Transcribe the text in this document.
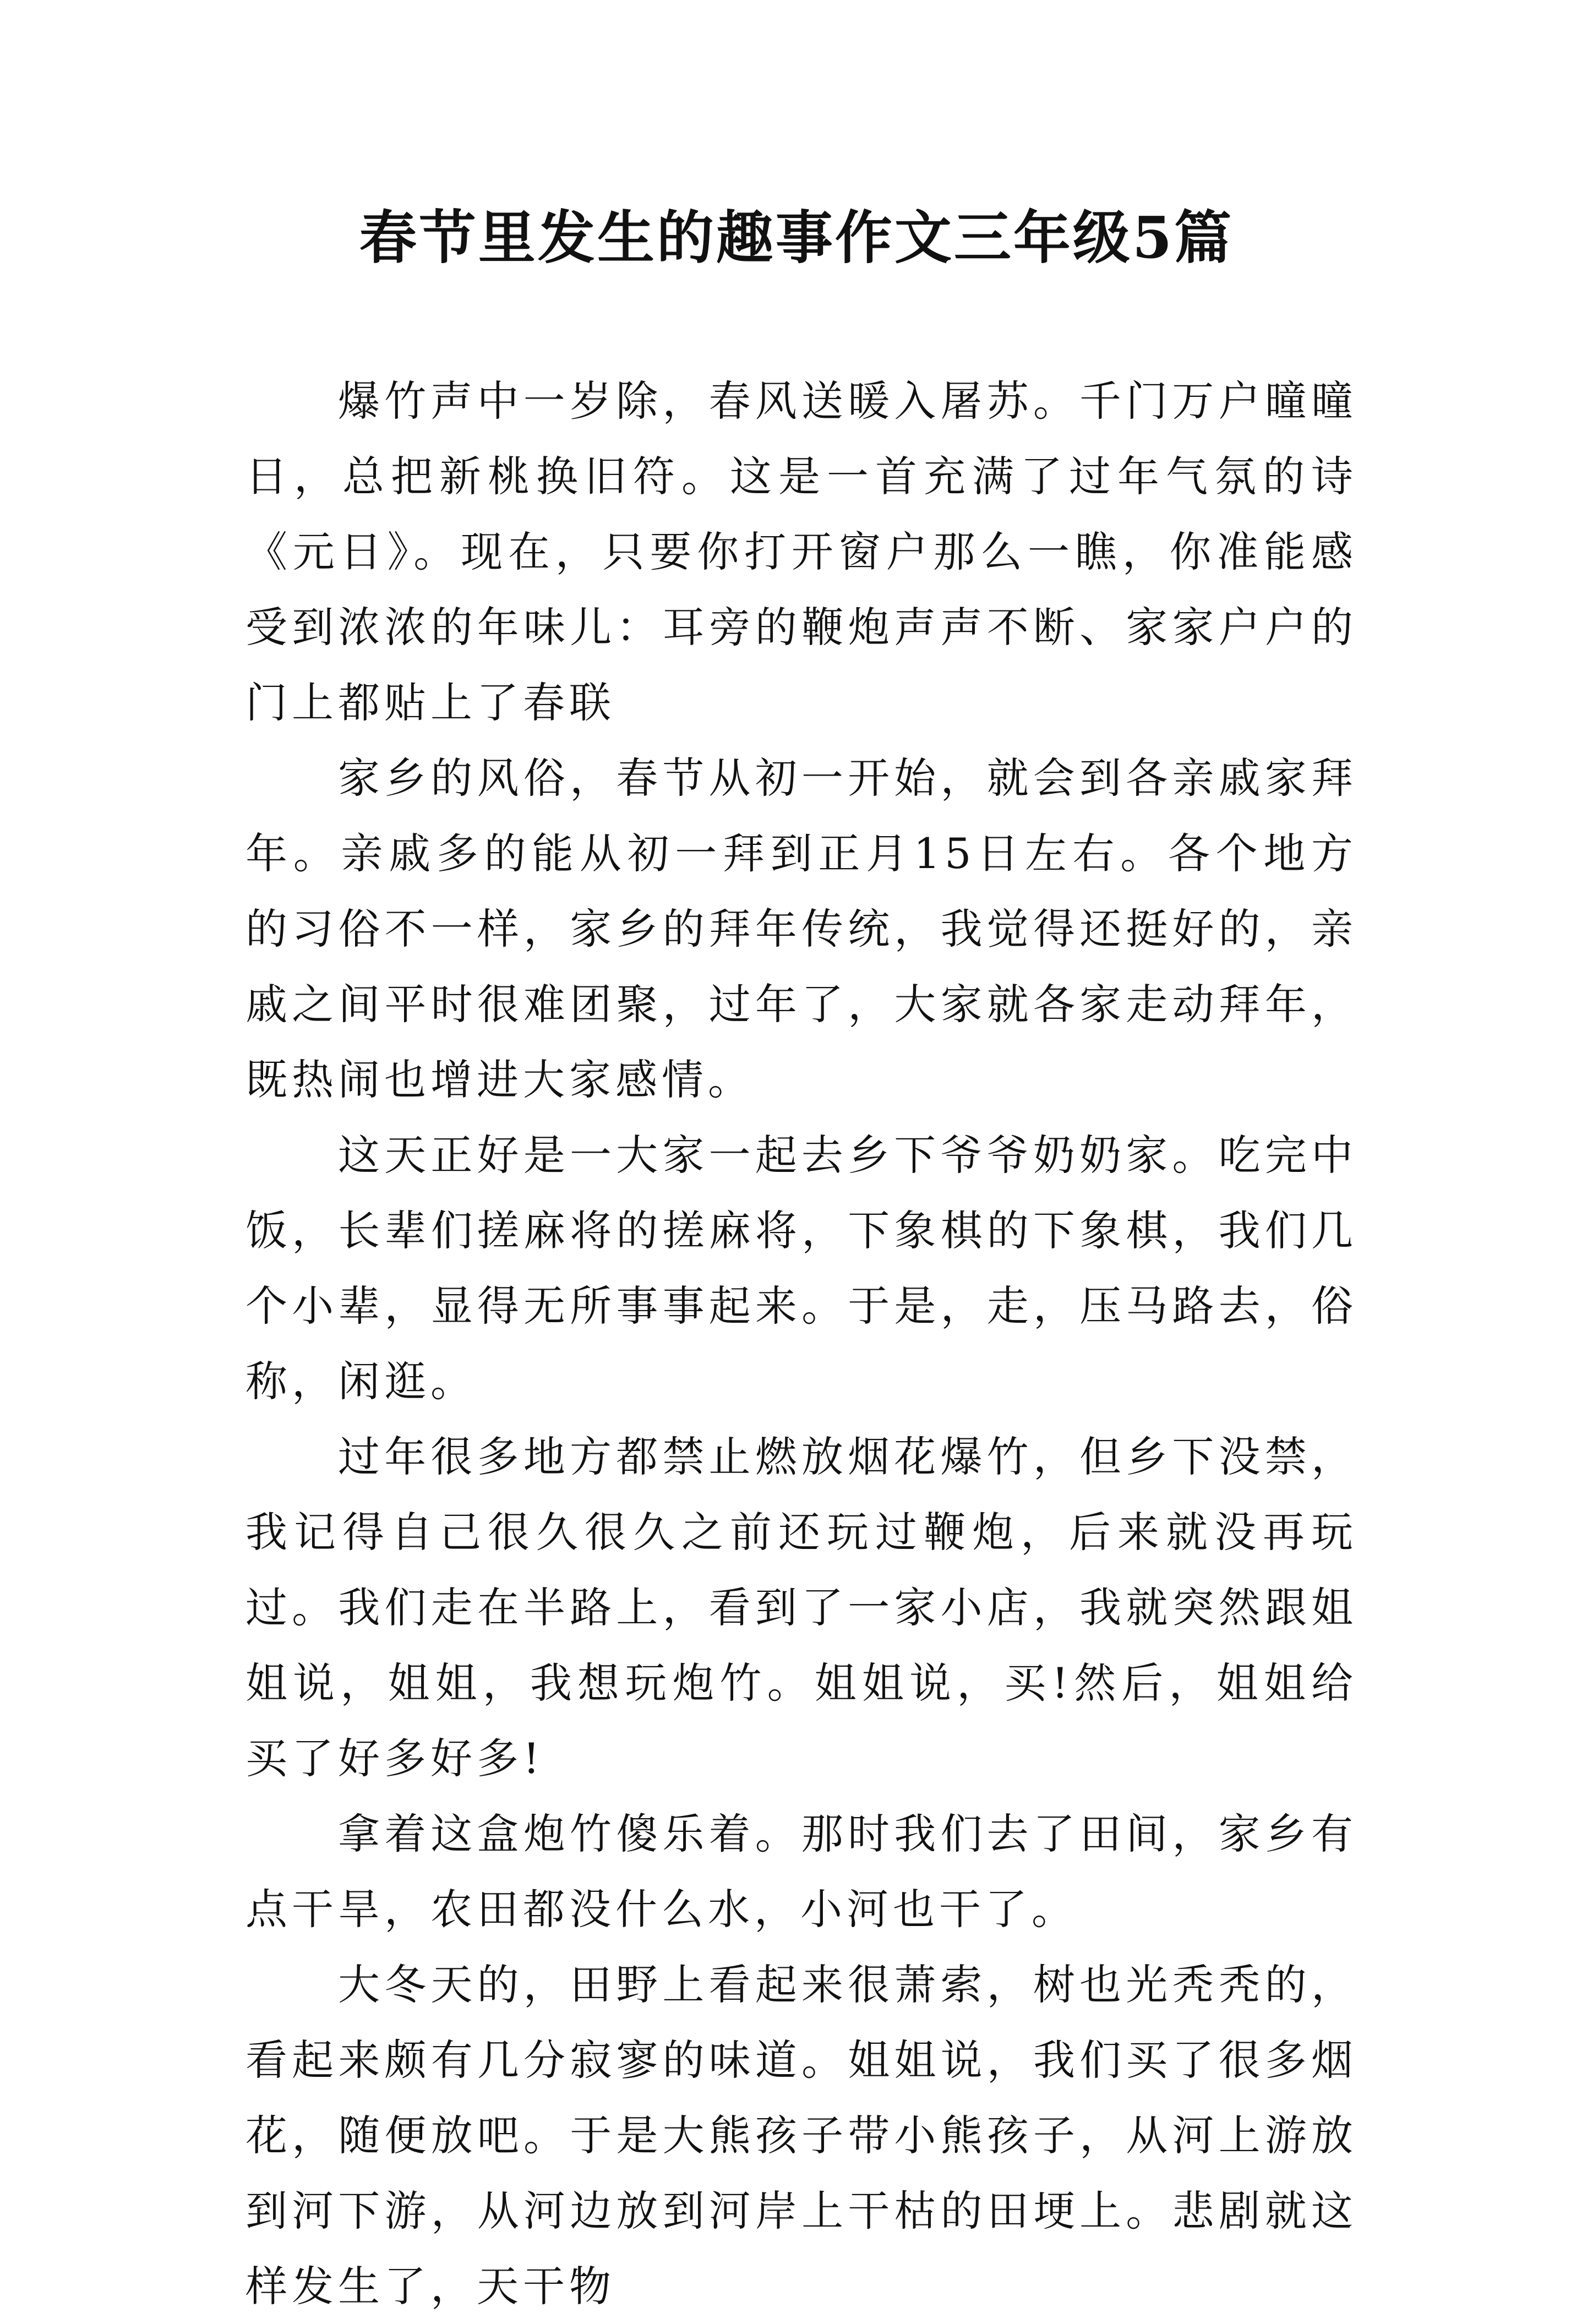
春节里发生的趣事作文三年级5篇

爆竹声中一岁除，春风送暖入屠苏。千门万户曈曈日，总把新桃换旧符。这是一首充满了过年气氛的诗《元日》。现在，只要你打开窗户那么一瞧，你准能感受到浓浓的年味儿：耳旁的鞭炮声声不断、家家户户的门上都贴上了春联

家乡的风俗，春节从初一开始，就会到各亲戚家拜年。亲戚多的能从初一拜到正月15日左右。各个地方的习俗不一样，家乡的拜年传统，我觉得还挺好的，亲戚之间平时很难团聚，过年了，大家就各家走动拜年，既热闹也增进大家感情。

这天正好是一大家一起去乡下爷爷奶奶家。吃完中饭，长辈们搓麻将的搓麻将，下象棋的下象棋，我们几个小辈，显得无所事事起来。于是，走，压马路去，俗称，闲逛。

过年很多地方都禁止燃放烟花爆竹，但乡下没禁，我记得自己很久很久之前还玩过鞭炮，后来就没再玩过。我们走在半路上，看到了一家小店，我就突然跟姐姐说，姐姐，我想玩炮竹。姐姐说，买!然后，姐姐给买了好多好多!

拿着这盒炮竹傻乐着。那时我们去了田间，家乡有点干旱，农田都没什么水，小河也干了。

大冬天的，田野上看起来很萧索，树也光秃秃的，看起来颇有几分寂寥的味道。姐姐说，我们买了很多烟花，随便放吧。于是大熊孩子带小熊孩子，从河上游放到河下游，从河边放到河岸上干枯的田埂上。悲剧就这样发生了，天干物
